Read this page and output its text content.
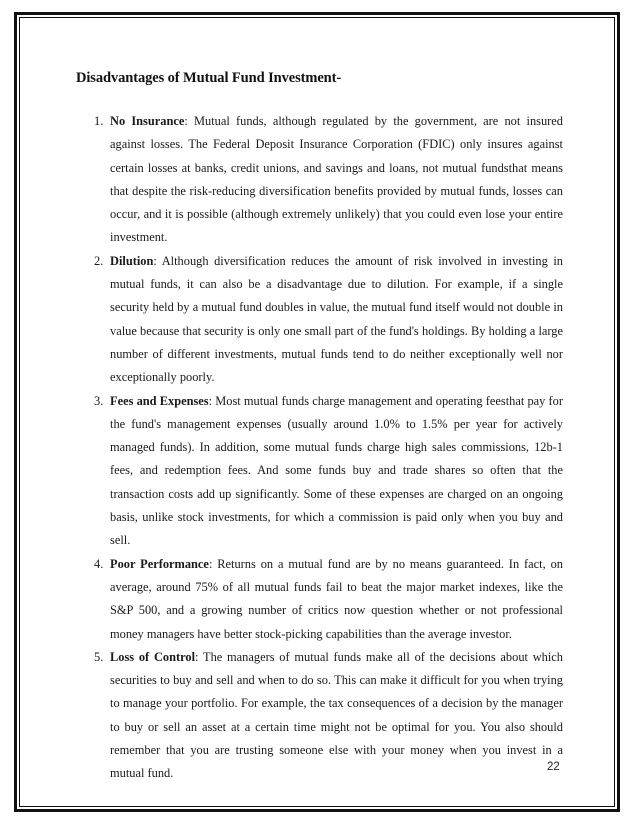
Disadvantages of Mutual Fund Investment-
1. No Insurance: Mutual funds, although regulated by the government, are not insured against losses. The Federal Deposit Insurance Corporation (FDIC) only insures against certain losses at banks, credit unions, and savings and loans, not mutual fundsthat means that despite the risk-reducing diversification benefits provided by mutual funds, losses can occur, and it is possible (although extremely unlikely) that you could even lose your entire investment.
2. Dilution: Although diversification reduces the amount of risk involved in investing in mutual funds, it can also be a disadvantage due to dilution. For example, if a single security held by a mutual fund doubles in value, the mutual fund itself would not double in value because that security is only one small part of the fund's holdings. By holding a large number of different investments, mutual funds tend to do neither exceptionally well nor exceptionally poorly.
3. Fees and Expenses: Most mutual funds charge management and operating feesthat pay for the fund's management expenses (usually around 1.0% to 1.5% per year for actively managed funds). In addition, some mutual funds charge high sales commissions, 12b-1 fees, and redemption fees. And some funds buy and trade shares so often that the transaction costs add up significantly. Some of these expenses are charged on an ongoing basis, unlike stock investments, for which a commission is paid only when you buy and sell.
4. Poor Performance: Returns on a mutual fund are by no means guaranteed. In fact, on average, around 75% of all mutual funds fail to beat the major market indexes, like the S&P 500, and a growing number of critics now question whether or not professional money managers have better stock-picking capabilities than the average investor.
5. Loss of Control: The managers of mutual funds make all of the decisions about which securities to buy and sell and when to do so. This can make it difficult for you when trying to manage your portfolio. For example, the tax consequences of a decision by the manager to buy or sell an asset at a certain time might not be optimal for you. You also should remember that you are trusting someone else with your money when you invest in a mutual fund.	22
